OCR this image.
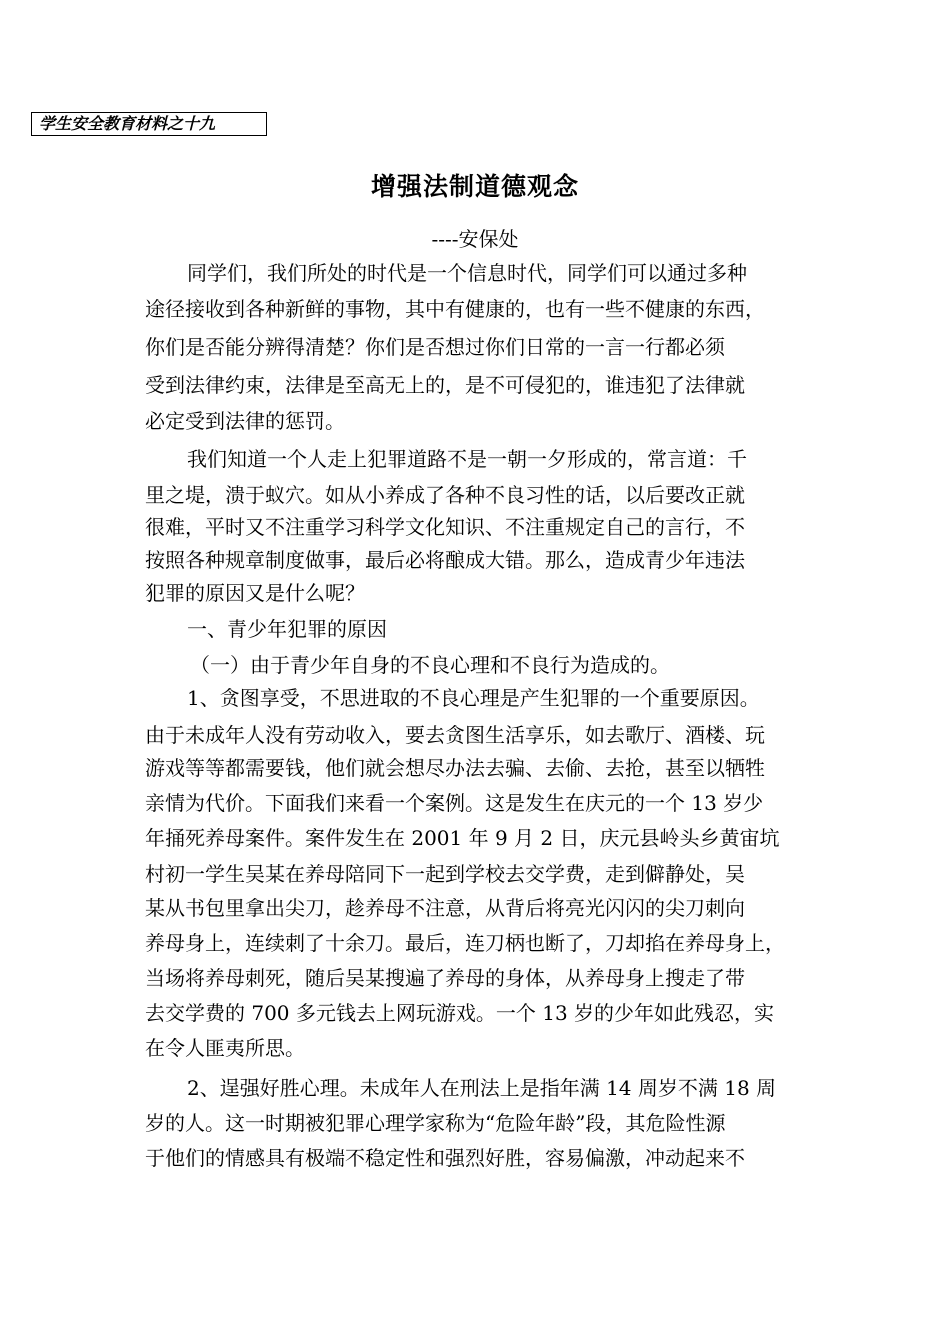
学生安全教育材料之十九
增强法制道德观念
----安保处
同学们，我们所处的时代是一个信息时代，同学们可以通过多种
途径接收到各种新鲜的事物，其中有健康的，也有一些不健康的东西，
你们是否能分辨得清楚？你们是否想过你们日常的一言一行都必须
受到法律约束，法律是至高无上的，是不可侵犯的，谁违犯了法律就
必定受到法律的惩罚。
我们知道一个人走上犯罪道路不是一朝一夕形成的，常言道：千
里之堤，溃于蚁穴。如从小养成了各种不良习性的话，以后要改正就
很难，平时又不注重学习科学文化知识、不注重规定自己的言行，不
按照各种规章制度做事，最后必将酿成大错。那么，造成青少年违法
犯罪的原因又是什么呢？
一、青少年犯罪的原因
（一）由于青少年自身的不良心理和不良行为造成的。
1、贪图享受，不思进取的不良心理是产生犯罪的一个重要原因。
由于未成年人没有劳动收入，要去贪图生活享乐，如去歌厅、酒楼、玩
游戏等等都需要钱，他们就会想尽办法去骗、去偷、去抢，甚至以牺牲
亲情为代价。下面我们来看一个案例。这是发生在庆元的一个 13 岁少
年捅死养母案件。案件发生在 2001 年 9 月 2 日，庆元县岭头乡黄宙坑
村初一学生吴某在养母陪同下一起到学校去交学费，走到僻静处，吴
某从书包里拿出尖刀，趁养母不注意，从背后将亮光闪闪的尖刀刺向
养母身上，连续刺了十余刀。最后，连刀柄也断了，刀却掐在养母身上，
当场将养母刺死，随后吴某搜遍了养母的身体，从养母身上搜走了带
去交学费的 700 多元钱去上网玩游戏。一个 13 岁的少年如此残忍，实
在令人匪夷所思。
2、逞强好胜心理。未成年人在刑法上是指年满 14 周岁不满 18 周
岁的人。这一时期被犯罪心理学家称为“危险年龄”段，其危险性源
于他们的情感具有极端不稳定性和强烈好胜，容易偏激，冲动起来不
